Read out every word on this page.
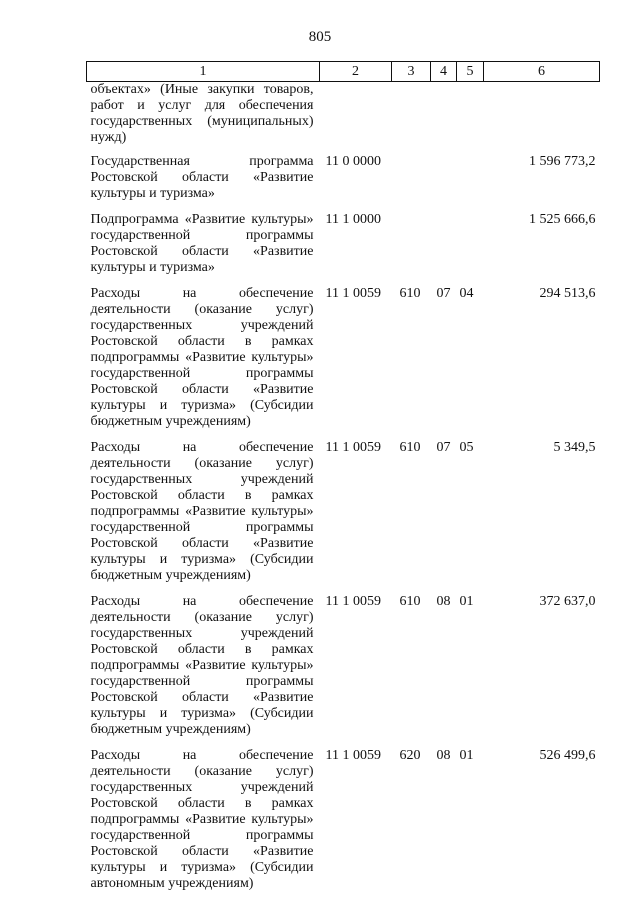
805
1	2	3	4	5	6
объектах» (Иные закупки товаров, работ и услуг для обеспечения государственных (муниципальных) нужд)					
Государственная программа Ростовской области «Развитие культуры и туризма»	11 0 0000				1 596 773,2
Подпрограмма «Развитие культуры» государственной программы Ростовской области «Развитие культуры и туризма»	11 1 0000				1 525 666,6
Расходы на обеспечение деятельности (оказание услуг) государственных учреждений Ростовской области в рамках подпрограммы «Развитие культуры» государственной программы Ростовской области «Развитие культуры и туризма» (Субсидии бюджетным учреждениям)	11 1 0059	610	07	04	294 513,6
Расходы на обеспечение деятельности (оказание услуг) государственных учреждений Ростовской области в рамках подпрограммы «Развитие культуры» государственной программы Ростовской области «Развитие культуры и туризма» (Субсидии бюджетным учреждениям)	11 1 0059	610	07	05	5 349,5
Расходы на обеспечение деятельности (оказание услуг) государственных учреждений Ростовской области в рамках подпрограммы «Развитие культуры» государственной программы Ростовской области «Развитие культуры и туризма» (Субсидии бюджетным учреждениям)	11 1 0059	610	08	01	372 637,0
Расходы на обеспечение деятельности (оказание услуг) государственных учреждений Ростовской области в рамках подпрограммы «Развитие культуры» государственной программы Ростовской области «Развитие культуры и туризма» (Субсидии автономным учреждениям)	11 1 0059	620	08	01	526 499,6
